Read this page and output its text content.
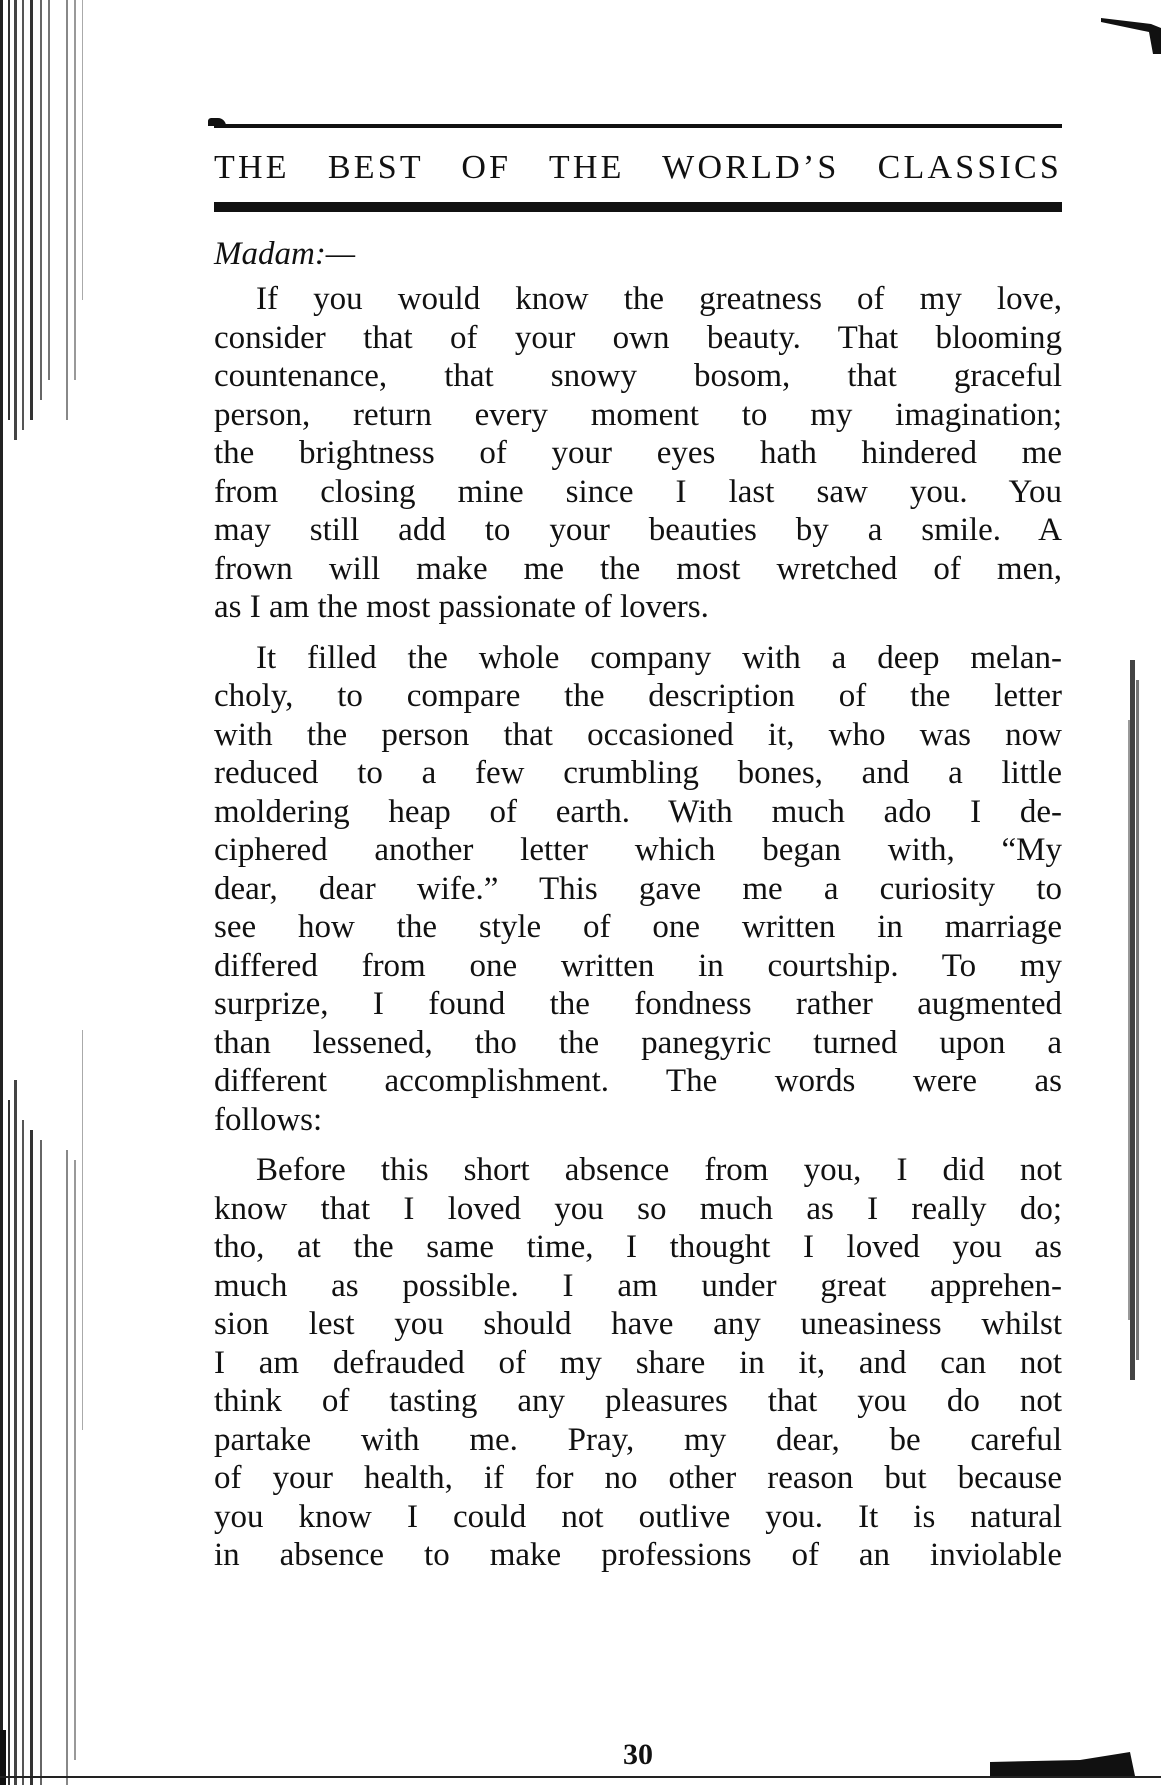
THE BEST OF THE WORLD’S CLASSICS
Madam:—

If you would know the greatness of my love,
consider that of your own beauty. That blooming
countenance, that snowy bosom, that graceful
person, return every moment to my imagination;
the brightness of your eyes hath hindered me
from closing mine since I last saw you. You
may still add to your beauties by a smile. A
frown will make me the most wretched of men,
as I am the most passionate of lovers.

It filled the whole company with a deep melan-
choly, to compare the description of the letter
with the person that occasioned it, who was now
reduced to a few crumbling bones, and a little
moldering heap of earth. With much ado I de-
ciphered another letter which began with, “My
dear, dear wife.” This gave me a curiosity to
see how the style of one written in marriage
differed from one written in courtship. To my
surprize, I found the fondness rather augmented
than lessened, tho the panegyric turned upon a
different accomplishment. The words were as
follows:

Before this short absence from you, I did not
know that I loved you so much as I really do;
tho, at the same time, I thought I loved you as
much as possible. I am under great apprehen-
sion lest you should have any uneasiness whilst
I am defrauded of my share in it, and can not
think of tasting any pleasures that you do not
partake with me. Pray, my dear, be careful
of your health, if for no other reason but because
you know I could not outlive you. It is natural
in absence to make professions of an inviolable

30
